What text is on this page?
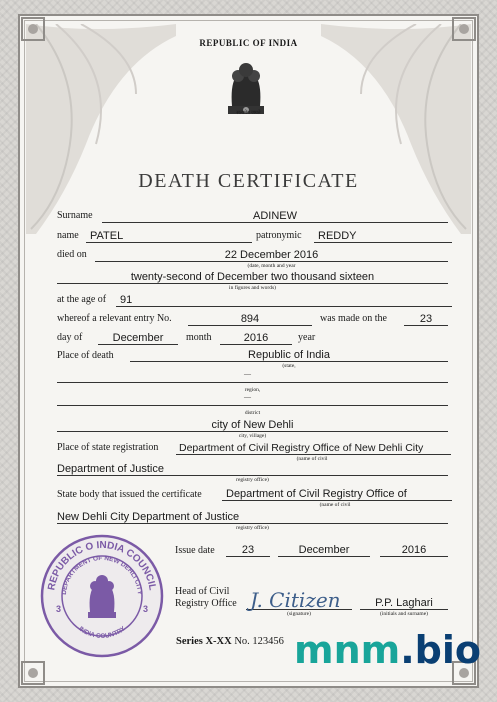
REPUBLIC OF INDIA
सत्यमेव जयते
DEATH CERTIFICATE
Surname	ADINEW
name	PATEL	patronymic	REDDY
died on	22 December 2016
(date, month and year
twenty-second of December two thousand sixteen
in figures and words)
at the age of	91
whereof a relevant entry No.	894	was made on the	23
day of	December	month	2016	year
Place of death	Republic of India
(state,
—
region,
—
district
city of New Dehli
city, village)
Place of state registration Department of Civil Registry Office of New Dehli City
(name of civil
Department of Justice
registry office)
State body that issued the certificate	Department of Civil Registry Office of
(name of civil
New Dehli City Department of Justice
registry office)
Issue date	23	December	2016
Head of Civil
Registry Office J. Citizen
(signature)
P.P. Laghari
(initials and surname)
Series X-XX No. 123456
REPUBLIC O INDIA COUNCIL
DEPARTMENT OF NEW DEHLI CITY
INDIA COUNTRY
3	3
mnm.bio
